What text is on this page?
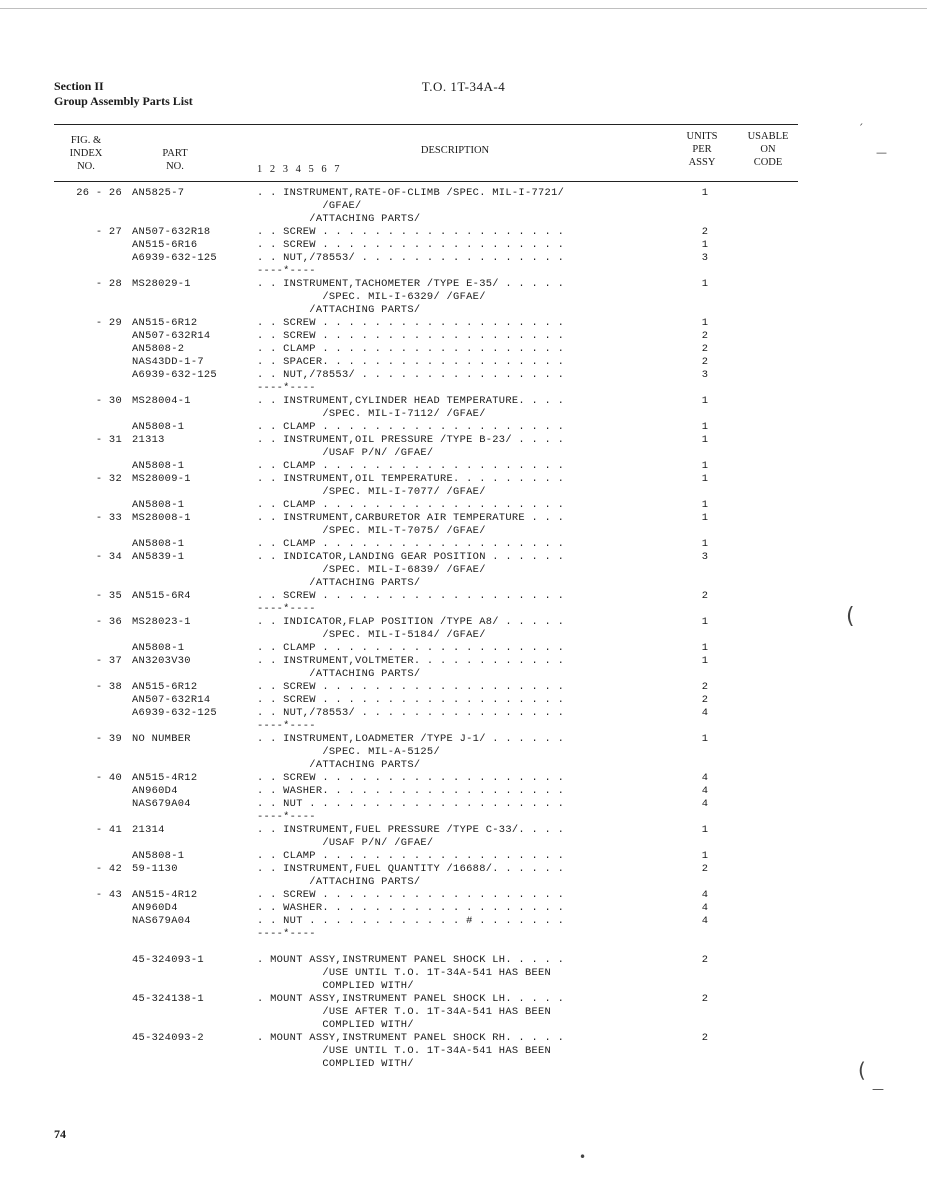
Section II
Group Assembly Parts List
T.O. 1T-34A-4
FIG. &
INDEX
NO.
PART
NO.	1 2 3 4 5 6 7
DESCRIPTION
UNITS
PER
ASSY
USABLE
ON
CODE
26 - 26 AN5825-7	. . INSTRUMENT,RATE-OF-CLIMB /SPEC. MIL-I-7721/	1
/GFAE/
/ATTACHING PARTS/
- 27 AN507-632R18	. . SCREW . . . . . . . . . . . . . . . . . . .	2
AN515-6R16	. . SCREW . . . . . . . . . . . . . . . . . . .	1
A6939-632-125	. . NUT,/78553/ . . . . . . . . . . . . . . . .	3
----*----
- 28 MS28029-1	. . INSTRUMENT,TACHOMETER /TYPE E-35/ . . . . .	1
/SPEC. MIL-I-6329/ /GFAE/
/ATTACHING PARTS/
- 29 AN515-6R12	. . SCREW . . . . . . . . . . . . . . . . . . .	1
AN507-632R14	. . SCREW . . . . . . . . . . . . . . . . . . .	2
AN5808-2	. . CLAMP . . . . . . . . . . . . . . . . . . .	2
NAS43DD-1-7	. . SPACER. . . . . . . . . . . . . . . . . . .	2
A6939-632-125	. . NUT,/78553/ . . . . . . . . . . . . . . . .	3
----*----
- 30 MS28004-1	. . INSTRUMENT,CYLINDER HEAD TEMPERATURE. . . .	1
/SPEC. MIL-I-7112/ /GFAE/
AN5808-1	. . CLAMP . . . . . . . . . . . . . . . . . . .	1
- 31 21313	. . INSTRUMENT,OIL PRESSURE /TYPE B-23/ . . . .	1
/USAF P/N/ /GFAE/
AN5808-1	. . CLAMP . . . . . . . . . . . . . . . . . . .	1
- 32 MS28009-1	. . INSTRUMENT,OIL TEMPERATURE. . . . . . . . .	1
/SPEC. MIL-I-7077/ /GFAE/
AN5808-1	. . CLAMP . . . . . . . . . . . . . . . . . . .	1
- 33 MS28008-1	. . INSTRUMENT,CARBURETOR AIR TEMPERATURE . . .	1
/SPEC. MIL-T-7075/ /GFAE/
AN5808-1	. . CLAMP . . . . . . . . . . . . . . . . . . .	1
- 34 AN5839-1	. . INDICATOR,LANDING GEAR POSITION . . . . . .	3
/SPEC. MIL-I-6839/ /GFAE/
/ATTACHING PARTS/
- 35 AN515-6R4	. . SCREW . . . . . . . . . . . . . . . . . . .	2
----*----
- 36 MS28023-1	. . INDICATOR,FLAP POSITION /TYPE A8/ . . . . .	1
/SPEC. MIL-I-5184/ /GFAE/
AN5808-1	. . CLAMP . . . . . . . . . . . . . . . . . . .	1
- 37 AN3203V30	. . INSTRUMENT,VOLTMETER. . . . . . . . . . . .	1
/ATTACHING PARTS/
- 38 AN515-6R12	. . SCREW . . . . . . . . . . . . . . . . . . .	2
AN507-632R14	. . SCREW . . . . . . . . . . . . . . . . . . .	2
A6939-632-125	. . NUT,/78553/ . . . . . . . . . . . . . . . .	4
----*----
- 39 NO NUMBER	. . INSTRUMENT,LOADMETER /TYPE J-1/ . . . . . .	1
/SPEC. MIL-A-5125/
/ATTACHING PARTS/
- 40 AN515-4R12	. . SCREW . . . . . . . . . . . . . . . . . . .	4
AN960D4	. . WASHER. . . . . . . . . . . . . . . . . . .	4
NAS679A04	. . NUT . . . . . . . . . . . . . . . . . . . .	4
----*----
- 41 21314	. . INSTRUMENT,FUEL PRESSURE /TYPE C-33/. . . .	1
/USAF P/N/ /GFAE/
AN5808-1	. . CLAMP . . . . . . . . . . . . . . . . . . .	1
- 42 59-1130	. . INSTRUMENT,FUEL QUANTITY /16688/. . . . . .	2
/ATTACHING PARTS/
- 43 AN515-4R12	. . SCREW . . . . . . . . . . . . . . . . . . .	4
AN960D4	. . WASHER. . . . . . . . . . . . . . . . . . .	4
NAS679A04	. . NUT . . . . . . . . . . . . # . . . . . . .	4
----*----
45-324093-1	. MOUNT ASSY,INSTRUMENT PANEL SHOCK LH. . . . .	2
/USE UNTIL T.O. 1T-34A-541 HAS BEEN
COMPLIED WITH/
45-324138-1	. MOUNT ASSY,INSTRUMENT PANEL SHOCK LH. . . . .	2
/USE AFTER T.O. 1T-34A-541 HAS BEEN
COMPLIED WITH/
45-324093-2	. MOUNT ASSY,INSTRUMENT PANEL SHOCK RH. . . . .	2
/USE UNTIL T.O. 1T-34A-541 HAS BEEN
COMPLIED WITH/
74
´
—
(
(
—
•
